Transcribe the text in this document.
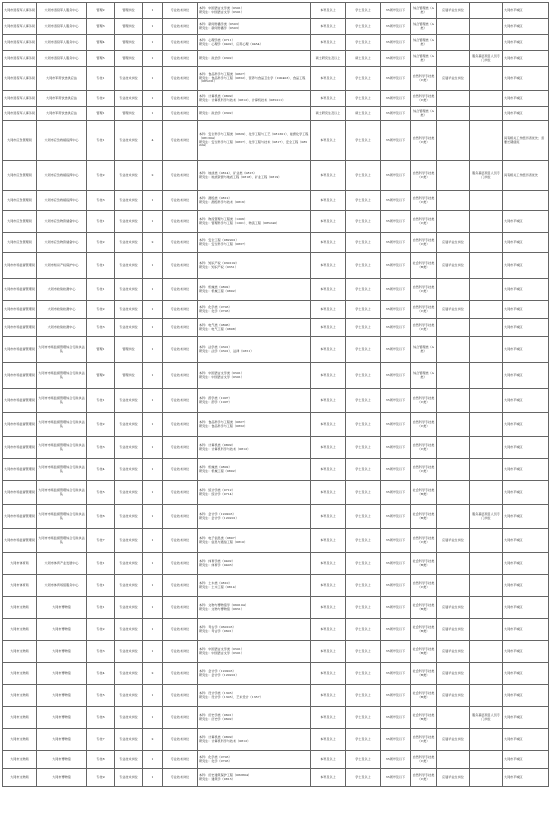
大同市退役军人事务局	大同市退役军人服务中心	管理2	管理岗位	1	专业技术岗位	本科：中国语言文学类（0501）
研究生：中国语言文学（0501）	本科及以上	学士及以上	35周岁及以下	综合管理类（A类）	应届毕业生岗位		大同市平城区
大同市退役军人事务局	大同市退役军人服务中心	管理3	管理岗位	1	专业技术岗位	本科：新闻传播学类（0503）
研究生：新闻传播学（0503）	本科及以上	学士及以上	35周岁及以下	综合管理类（A类）			大同市平城区
大同市退役军人事务局	大同市退役军人服务中心	管理4	管理岗位	1	专业技术岗位	本科：心理学类（0711）
研究生：心理学（0402）、应用心理（0454）	本科及以上	学士及以上	35周岁及以下	综合管理类（A类）			大同市平城区
大同市退役军人事务局	大同市退役军人服务中心	管理5	管理岗位	1	专业技术岗位	研究生：政治学（0302）	硕士研究生及以上	硕士及以上	35周岁及以下	综合管理类（A类）		服务基层项目人员专门岗位	大同市平城区
大同市退役军人事务局	大同市军用饮食供应站	专技1	专业技术岗位	1	专业技术岗位	本科：食品科学与工程类（0827）
研究生：食品科学与工程（0832）、营养与食品卫生学（100403）、食品工程（085231）	本科及以上	学士及以上	35周岁及以下	自然科学专技类（C类）	应届毕业生岗位		大同市平城区
大同市退役军人事务局	大同市军用饮食供应站	专技2	专业技术岗位	1	专业技术岗位	本科：计算机类（0809）
研究生：计算机科学与技术（0812）、计算机技术（085211）	本科及以上	学士及以上	35周岁及以下	自然科学专技类（C类）			大同市平城区
大同市退役军人事务局	大同市军用饮食供应站	管理1	管理岗位	1	专业技术岗位	研究生：政治学（0302）	硕士研究生及以上	硕士及以上	35周岁及以下	综合管理类（A类）			大同市平城区
大同市应急管理局	大同市应急救援指挥中心	专技1	专业技术岗位	4	专业技术岗位	本科：安全科学与工程类（0829）、化学工程与工艺（081301）、能源化学工程（081304）
研究生：安全科学与工程（0837）、化学工程与技术（0817）、安全工程（085224）	本科及以上	学士及以上	35周岁及以下	自然科学专技类（C类）			具有相关工作经历者优先；需要长期值班
大同市应急管理局	大同市应急救援指挥中心	专技2	专业技术岗位	2	专业技术岗位	本科：地质类（0814）、矿业类（0815）
研究生：地质资源与地质工程（0818）、矿业工程（0819）	本科及以上	学士及以上	35周岁及以下	自然科学专技类（C类）		服务基层项目人员专门岗位	具有相关工作经历者优先
大同市应急管理局	大同市应急救援指挥中心	专技3	专业技术岗位	1	专业技术岗位	本科：测绘类（0812）
研究生：测绘科学与技术（0816）	本科及以上	学士及以上	35周岁及以下	自然科学专技类（C类）			
大同市应急管理局	大同市应急物资储备中心	专技1	专业技术岗位	1	专业技术岗位	本科：物流管理与工程类（1206）
研究生：管理科学与工程（1201）、物流工程（085240）	本科及以上	学士及以上	35周岁及以下	自然科学专技类（C类）			大同市平城区
大同市应急管理局	大同市应急物资储备中心	专技2	专业技术岗位	2	专业技术岗位	本科：安全工程（082901）
研究生：安全科学与工程（0837）	本科及以上	学士及以上	35周岁及以下	自然科学专技类（C类）	应届毕业生岗位		大同市平城区
大同市市场监督管理局	大同市知识产权保护中心	专技1	专业技术岗位	1	专业技术岗位	本科：知识产权（030102）
研究生：知识产权（0351）	本科及以上	学士及以上	35周岁及以下	社会科学专技类（B类）	应届毕业生岗位		大同市平城区
大同市市场监督管理局	大同市检验检测中心	专技1	专业技术岗位	1	专业技术岗位	本科：机械类（0802）
研究生：机械工程（0802）	本科及以上	学士及以上	35周岁及以下	自然科学专技类（C类）			大同市平城区
大同市市场监督管理局	大同市检验检测中心	专技2	专业技术岗位	1	专业技术岗位	本科：化学类（0703）
研究生：化学（0703）	本科及以上	学士及以上	35周岁及以下	自然科学专技类（C类）	应届毕业生岗位		大同市平城区
大同市市场监督管理局	大同市检验检测中心	专技3	专业技术岗位	1	专业技术岗位	本科：电气类（0806）
研究生：电气工程（0808）	本科及以上	学士及以上	35周岁及以下	自然科学专技类（C类）			大同市平城区
大同市市场监督管理局	大同市市场监督管理综合行政执法队	管理1	管理岗位	1	专业技术岗位	本科：法学类（0301）
研究生：法学（0301）、法律（0351）	本科及以上	学士及以上	35周岁及以下	综合管理类（A类）			大同市平城区
大同市市场监督管理局	大同市市场监督管理综合行政执法队	管理2	管理岗位	1	专业技术岗位	本科：中国语言文学类（0501）
研究生：中国语言文学（0501）	本科及以上	学士及以上	35周岁及以下	综合管理类（A类）			大同市平城区
大同市市场监督管理局	大同市市场监督管理综合行政执法队	专技1	专业技术岗位	1	专业技术岗位	本科：药学类（1007）
研究生：药学（1007）	本科及以上	学士及以上	35周岁及以下	自然科学专技类（C类）			大同市平城区
大同市市场监督管理局	大同市市场监督管理综合行政执法队	专技2	专业技术岗位	1	专业技术岗位	本科：食品科学与工程类（0827）
研究生：食品科学与工程（0832）	本科及以上	学士及以上	35周岁及以下	自然科学专技类（C类）			大同市平城区
大同市市场监督管理局	大同市市场监督管理综合行政执法队	专技3	专业技术岗位	1	专业技术岗位	本科：计算机类（0809）
研究生：计算机科学与技术（0812）	本科及以上	学士及以上	35周岁及以下	自然科学专技类（C类）			大同市平城区
大同市市场监督管理局	大同市市场监督管理综合行政执法队	专技4	专业技术岗位	1	专业技术岗位	本科：机械类（0802）
研究生：机械工程（0802）	本科及以上	学士及以上	35周岁及以下	自然科学专技类（C类）			大同市平城区
大同市市场监督管理局	大同市市场监督管理综合行政执法队	专技5	专业技术岗位	1	专业技术岗位	本科：统计学类（0712）
研究生：统计学（0714）	本科及以上	学士及以上	35周岁及以下	社会科学专技类（B类）			大同市平城区
大同市市场监督管理局	大同市市场监督管理综合行政执法队	专技6	专业技术岗位	1	专业技术岗位	本科：会计学（120203）
研究生：会计学（120201）	本科及以上	学士及以上	35周岁及以下	社会科学专技类（B类）		服务基层项目人员专门岗位	大同市平城区
大同市市场监督管理局	大同市市场监督管理综合行政执法队	专技7	专业技术岗位	1	专业技术岗位	本科：电子信息类（0807）
研究生：信息与通信工程（0810）	本科及以上	学士及以上	35周岁及以下	自然科学专技类（C类）	应届毕业生岗位		大同市平城区
大同市体育局	大同市体育产业发展中心	专技1	专业技术岗位	1	专业技术岗位	本科：体育学类（0402）
研究生：体育学（0403）	本科及以上	学士及以上	35周岁及以下	社会科学专技类（B类）			大同市平城区
大同市体育局	大同市体育场馆服务中心	专技1	专业技术岗位	1	专业技术岗位	本科：土木类（0810）
研究生：土木工程（0814）	本科及以上	学士及以上	35周岁及以下	自然科学专技类（C类）			大同市平城区
大同市文物局	大同市博物馆	专技1	专业技术岗位	1	专业技术岗位	本科：文物与博物馆学（060104）
研究生：文物与博物馆（0651）	本科及以上	学士及以上	35周岁及以下	社会科学专技类（B类）	应届毕业生岗位		大同市平城区
大同市文物局	大同市博物馆	专技2	专业技术岗位	1	专业技术岗位	本科：考古学（060103）
研究生：考古学（0601）	本科及以上	学士及以上	35周岁及以下	社会科学专技类（B类）	应届毕业生岗位		大同市平城区
大同市文物局	大同市博物馆	专技3	专业技术岗位	1	专业技术岗位	本科：中国语言文学类（0501）
研究生：中国语言文学（0501）	本科及以上	学士及以上	35周岁及以下	社会科学专技类（B类）	应届毕业生岗位		大同市平城区
大同市文物局	大同市博物馆	专技4	专业技术岗位	2	专业技术岗位	本科：会计学（120203）
研究生：会计学（120201）	本科及以上	学士及以上	35周岁及以下	社会科学专技类（B类）	应届毕业生岗位		大同市平城区
大同市文物局	大同市博物馆	专技5	专业技术岗位	1	专业技术岗位	本科：设计学类（1305）
研究生：设计学（1305）、艺术设计（1357）	本科及以上	学士及以上	35周岁及以下	社会科学专技类（B类）	应届毕业生岗位		大同市平城区
大同市文物局	大同市博物馆	专技6	专业技术岗位	1	专业技术岗位	本科：历史学类（0601）
研究生：历史学（0602）	本科及以上	学士及以上	35周岁及以下	社会科学专技类（B类）		服务基层项目人员专门岗位	大同市平城区
大同市文物局	大同市博物馆	专技7	专业技术岗位	2	专业技术岗位	本科：计算机类（0809）
研究生：计算机科学与技术（0812）	本科及以上	学士及以上	35周岁及以下	自然科学专技类（C类）	应届毕业生岗位		大同市平城区
大同市文物局	大同市博物馆	专技8	专业技术岗位	1	专业技术岗位	本科：化学类（0703）
研究生：化学（0703）	本科及以上	学士及以上	35周岁及以下	自然科学专技类（C类）			大同市平城区
大同市文物局	大同市博物馆	专技9	专业技术岗位	1	专业技术岗位	本科：历史建筑保护工程（082804）
研究生：建筑学（0813）	本科及以上	学士及以上	35周岁及以下	自然科学专技类（C类）	应届毕业生岗位		大同市平城区
